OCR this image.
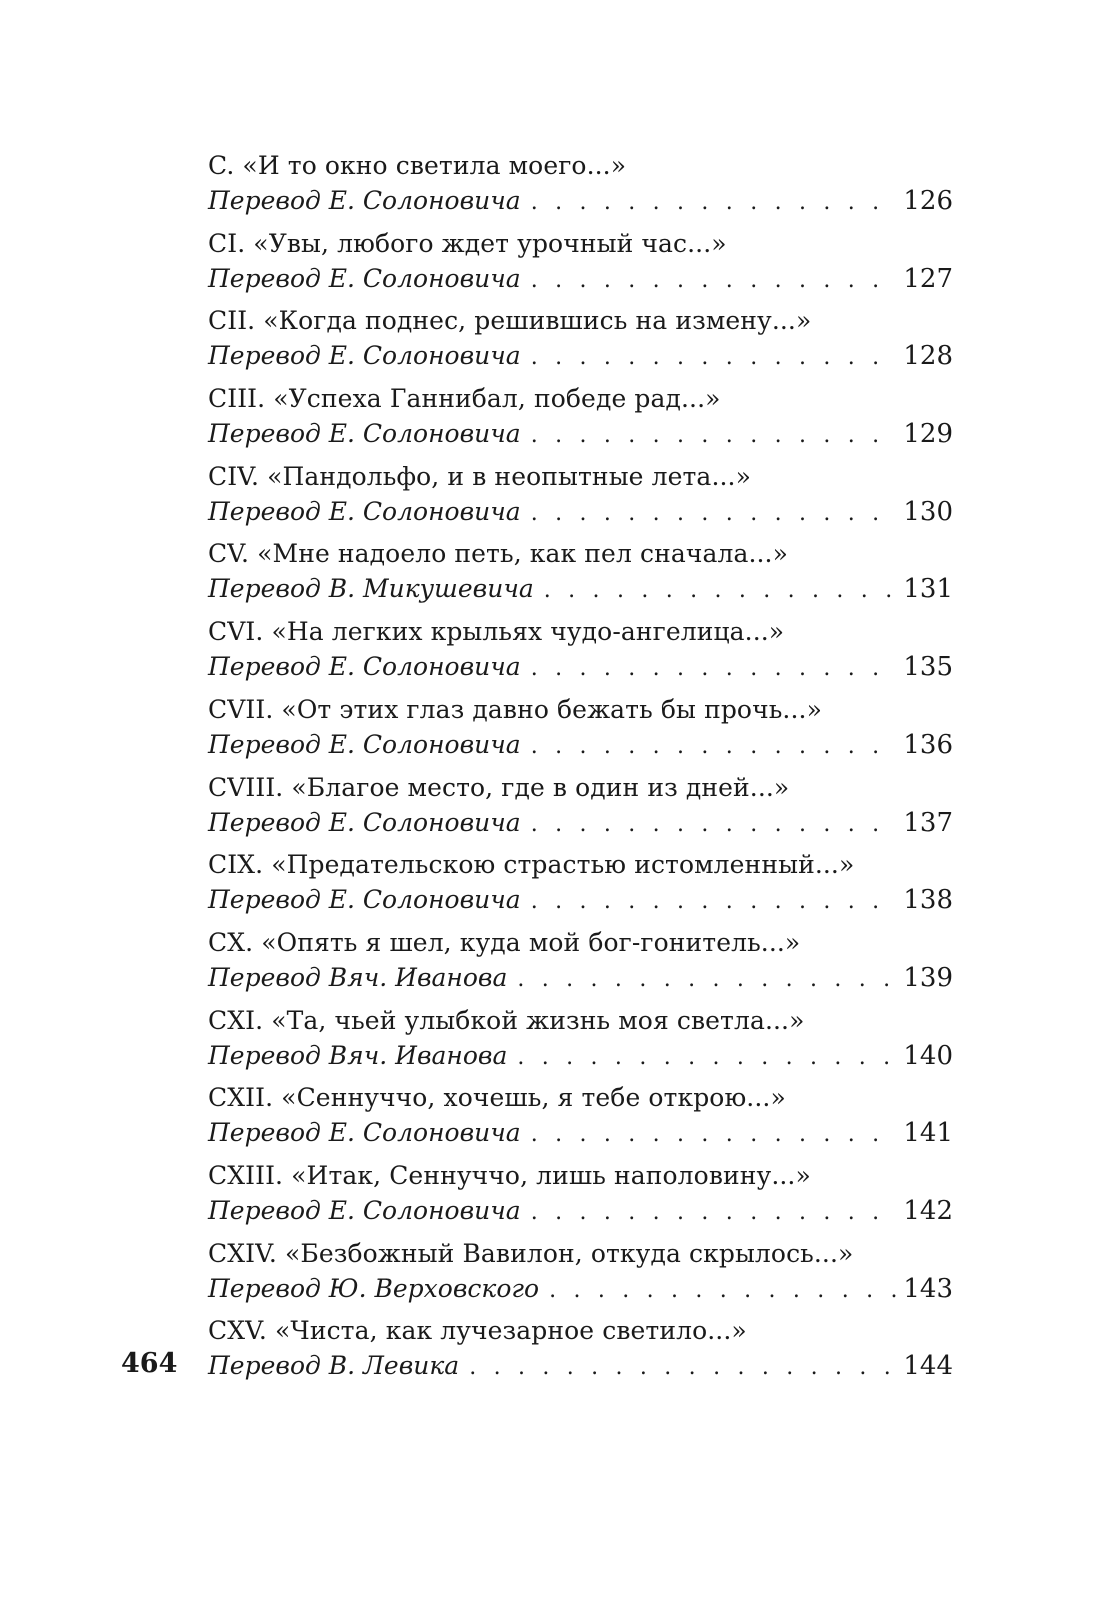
C. «И то окно светила моего...»
Перевод Е. Солоновича . . .	126
CI. «Увы, любого ждет урочный час...»
Перевод Е. Солоновича . . .	127
CII. «Когда поднес, решившись на измену...»
Перевод Е. Солоновича . . .	128
CIII. «Успеха Ганнибал, победе рад...»
Перевод Е. Солоновича . . .	129
CIV. «Пандольфо, и в неопытные лета...»
Перевод Е. Солоновича . . .	130
CV. «Мне надоело петь, как пел сначала...»
Перевод В. Микушевича . . .	131
CVI. «На легких крыльях чудо-ангелица...»
Перевод Е. Солоновича . . .	135
CVII. «От этих глаз давно бежать бы прочь...»
Перевод Е. Солоновича . . .	136
CVIII. «Благое место, где в один из дней...»
Перевод Е. Солоновича . . .	137
CIX. «Предательскою страстью истомленный...»
Перевод Е. Солоновича . . .	138
CX. «Опять я шел, куда мой бог-гонитель...»
Перевод Вяч. Иванова . . .	139
CXI. «Та, чьей улыбкой жизнь моя светла...»
Перевод Вяч. Иванова . . .	140
CXII. «Сеннуччо, хочешь, я тебе открою...»
Перевод Е. Солоновича . . .	141
CXIII. «Итак, Сеннуччо, лишь наполовину...»
Перевод Е. Солоновича . . .	142
CXIV. «Безбожный Вавилон, откуда скрылось...»
Перевод Ю. Верховского . . .	143
CXV. «Чиста, как лучезарное светило...»
Перевод В. Левика . . .	144
464
